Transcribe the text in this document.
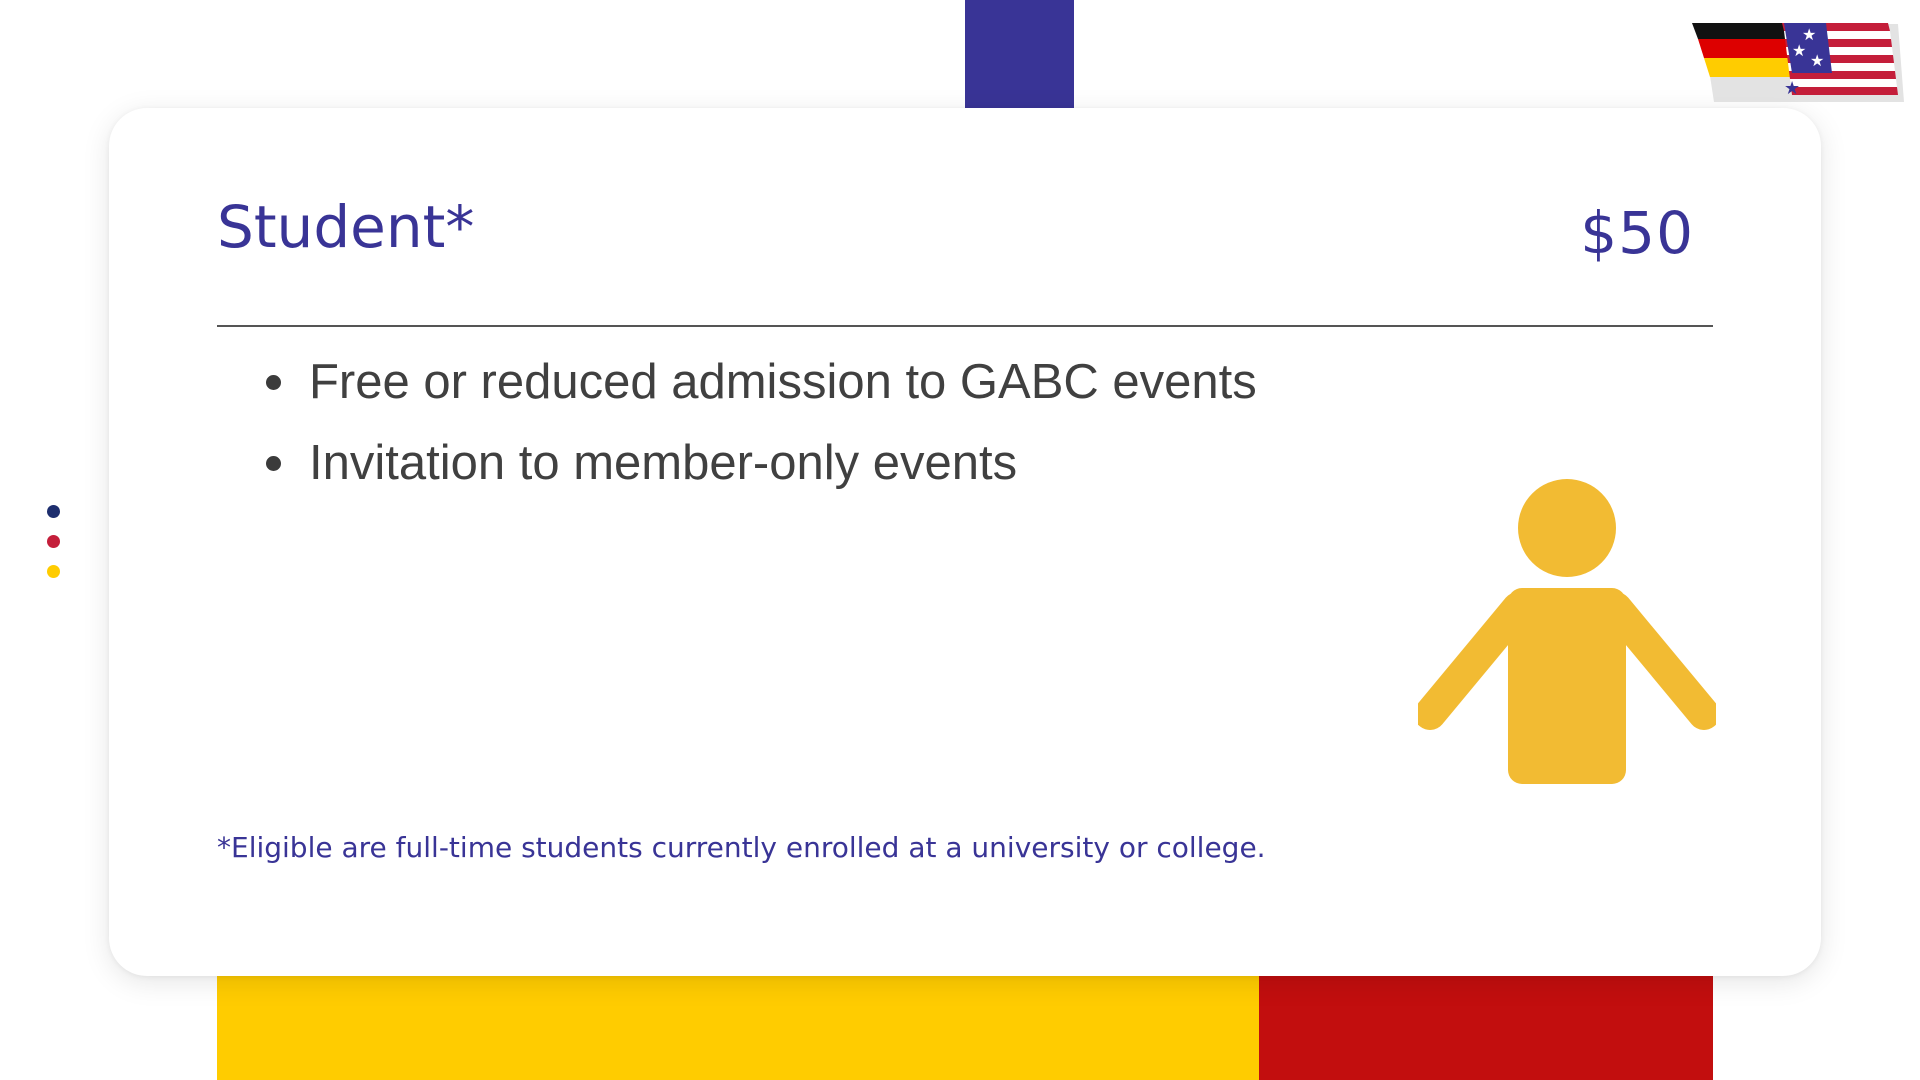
Student*	$50
Free or reduced admission to GABC events
Invitation to member-only events
*Eligible are full-time students currently enrolled at a university or college.
★
★
★
★
